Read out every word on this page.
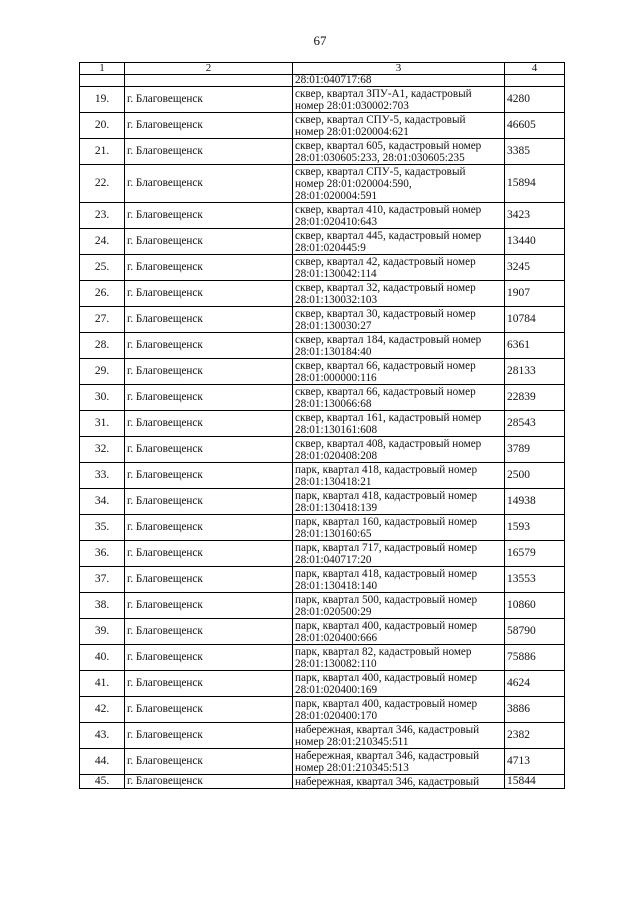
67
1	2	3	4
		28:01:040717:68	
19.	г. Благовещенск	сквер, квартал ЗПУ-А1, кадастровый
номер 28:01:030002:703	4280
20.	г. Благовещенск	сквер, квартал СПУ-5, кадастровый
номер 28:01:020004:621	46605
21.	г. Благовещенск	сквер, квартал 605, кадастровый номер
28:01:030605:233, 28:01:030605:235	3385
22.	г. Благовещенск	сквер, квартал СПУ-5, кадастровый
номер 28:01:020004:590,
28:01:020004:591	15894
23.	г. Благовещенск	сквер, квартал 410, кадастровый номер
28:01:020410:643	3423
24.	г. Благовещенск	сквер, квартал 445, кадастровый номер
28:01:020445:9	13440
25.	г. Благовещенск	сквер, квартал 42, кадастровый номер
28:01:130042:114	3245
26.	г. Благовещенск	сквер, квартал 32, кадастровый номер
28:01:130032:103	1907
27.	г. Благовещенск	сквер, квартал 30, кадастровый номер
28:01:130030:27	10784
28.	г. Благовещенск	сквер, квартал 184, кадастровый номер
28:01:130184:40	6361
29.	г. Благовещенск	сквер, квартал 66, кадастровый номер
28:01:000000:116	28133
30.	г. Благовещенск	сквер, квартал 66, кадастровый номер
28:01:130066:68	22839
31.	г. Благовещенск	сквер, квартал 161, кадастровый номер
28:01:130161:608	28543
32.	г. Благовещенск	сквер, квартал 408, кадастровый номер
28:01:020408:208	3789
33.	г. Благовещенск	парк, квартал 418, кадастровый номер
28:01:130418:21	2500
34.	г. Благовещенск	парк, квартал 418, кадастровый номер
28:01:130418:139	14938
35.	г. Благовещенск	парк, квартал 160, кадастровый номер
28:01:130160:65	1593
36.	г. Благовещенск	парк, квартал 717, кадастровый номер
28:01:040717:20	16579
37.	г. Благовещенск	парк, квартал 418, кадастровый номер
28:01:130418:140	13553
38.	г. Благовещенск	парк, квартал 500, кадастровый номер
28:01:020500:29	10860
39.	г. Благовещенск	парк, квартал 400, кадастровый номер
28:01:020400:666	58790
40.	г. Благовещенск	парк, квартал 82, кадастровый номер
28:01:130082:110	75886
41.	г. Благовещенск	парк, квартал 400, кадастровый номер
28:01:020400:169	4624
42.	г. Благовещенск	парк, квартал 400, кадастровый номер
28:01:020400:170	3886
43.	г. Благовещенск	набережная, квартал 346, кадастровый
номер 28:01:210345:511	2382
44.	г. Благовещенск	набережная, квартал 346, кадастровый
номер 28:01:210345:513	4713
45.	г. Благовещенск	набережная, квартал 346, кадастровый	15844
